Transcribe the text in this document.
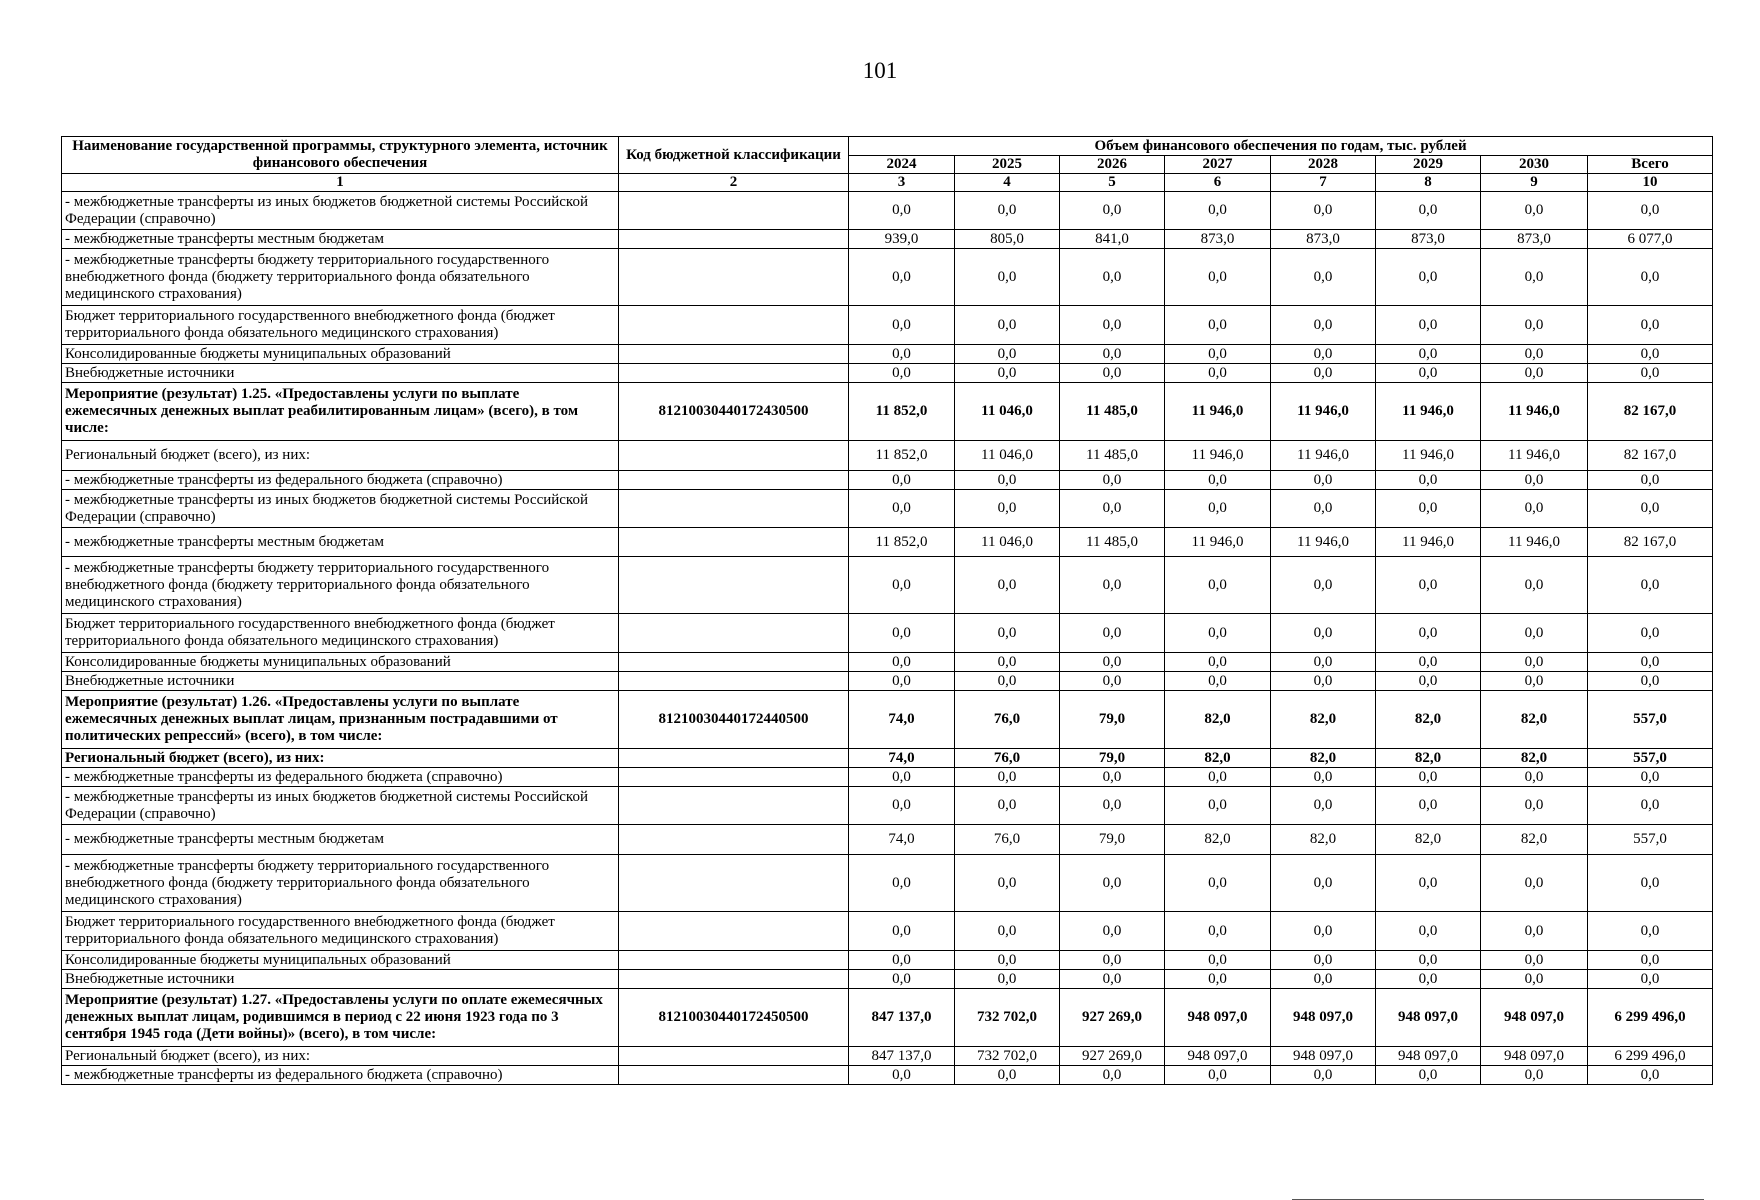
101
Наименование государственной программы, структурного элемента, источник финансового обеспечения	Код бюджетной классификации	Объем финансового обеспечения по годам, тыс. рублей							
		2024	2025	2026	2027	2028	2029	2030	Всего
1	2	3	4	5	6	7	8	9	10
- межбюджетные трансферты из иных бюджетов бюджетной системы Российской Федерации (справочно)		0,0	0,0	0,0	0,0	0,0	0,0	0,0	0,0
- межбюджетные трансферты местным бюджетам		939,0	805,0	841,0	873,0	873,0	873,0	873,0	6 077,0
- межбюджетные трансферты бюджету территориального государственного внебюджетного фонда (бюджету территориального фонда обязательного медицинского страхования)		0,0	0,0	0,0	0,0	0,0	0,0	0,0	0,0
Бюджет территориального государственного внебюджетного фонда (бюджет территориального фонда обязательного медицинского страхования)		0,0	0,0	0,0	0,0	0,0	0,0	0,0	0,0
Консолидированные бюджеты муниципальных образований		0,0	0,0	0,0	0,0	0,0	0,0	0,0	0,0
Внебюджетные источники		0,0	0,0	0,0	0,0	0,0	0,0	0,0	0,0
Мероприятие (результат) 1.25. «Предоставлены услуги по выплате ежемесячных денежных выплат реабилитированным лицам» (всего), в том числе:	81210030440172430500	11 852,0	11 046,0	11 485,0	11 946,0	11 946,0	11 946,0	11 946,0	82 167,0
Региональный бюджет (всего), из них:		11 852,0	11 046,0	11 485,0	11 946,0	11 946,0	11 946,0	11 946,0	82 167,0
- межбюджетные трансферты из федерального бюджета (справочно)		0,0	0,0	0,0	0,0	0,0	0,0	0,0	0,0
- межбюджетные трансферты из иных бюджетов бюджетной системы Российской Федерации (справочно)		0,0	0,0	0,0	0,0	0,0	0,0	0,0	0,0
- межбюджетные трансферты местным бюджетам		11 852,0	11 046,0	11 485,0	11 946,0	11 946,0	11 946,0	11 946,0	82 167,0
- межбюджетные трансферты бюджету территориального государственного внебюджетного фонда (бюджету территориального фонда обязательного медицинского страхования)		0,0	0,0	0,0	0,0	0,0	0,0	0,0	0,0
Бюджет территориального государственного внебюджетного фонда (бюджет территориального фонда обязательного медицинского страхования)		0,0	0,0	0,0	0,0	0,0	0,0	0,0	0,0
Консолидированные бюджеты муниципальных образований		0,0	0,0	0,0	0,0	0,0	0,0	0,0	0,0
Внебюджетные источники		0,0	0,0	0,0	0,0	0,0	0,0	0,0	0,0
Мероприятие (результат) 1.26. «Предоставлены услуги по выплате ежемесячных денежных выплат лицам, признанным пострадавшими от политических репрессий» (всего), в том числе:	81210030440172440500	74,0	76,0	79,0	82,0	82,0	82,0	82,0	557,0
Региональный бюджет (всего), из них:		74,0	76,0	79,0	82,0	82,0	82,0	82,0	557,0
- межбюджетные трансферты из федерального бюджета (справочно)		0,0	0,0	0,0	0,0	0,0	0,0	0,0	0,0
- межбюджетные трансферты из иных бюджетов бюджетной системы Российской Федерации (справочно)		0,0	0,0	0,0	0,0	0,0	0,0	0,0	0,0
- межбюджетные трансферты местным бюджетам		74,0	76,0	79,0	82,0	82,0	82,0	82,0	557,0
- межбюджетные трансферты бюджету территориального государственного внебюджетного фонда (бюджету территориального фонда обязательного медицинского страхования)		0,0	0,0	0,0	0,0	0,0	0,0	0,0	0,0
Бюджет территориального государственного внебюджетного фонда (бюджет территориального фонда обязательного медицинского страхования)		0,0	0,0	0,0	0,0	0,0	0,0	0,0	0,0
Консолидированные бюджеты муниципальных образований		0,0	0,0	0,0	0,0	0,0	0,0	0,0	0,0
Внебюджетные источники		0,0	0,0	0,0	0,0	0,0	0,0	0,0	0,0
Мероприятие (результат) 1.27. «Предоставлены услуги по оплате ежемесячных денежных выплат лицам, родившимся в период с 22 июня 1923 года по 3 сентября 1945 года (Дети войны)» (всего), в том числе:	81210030440172450500	847 137,0	732 702,0	927 269,0	948 097,0	948 097,0	948 097,0	948 097,0	6 299 496,0
Региональный бюджет (всего), из них:		847 137,0	732 702,0	927 269,0	948 097,0	948 097,0	948 097,0	948 097,0	6 299 496,0
- межбюджетные трансферты из федерального бюджета (справочно)		0,0	0,0	0,0	0,0	0,0	0,0	0,0	0,0
